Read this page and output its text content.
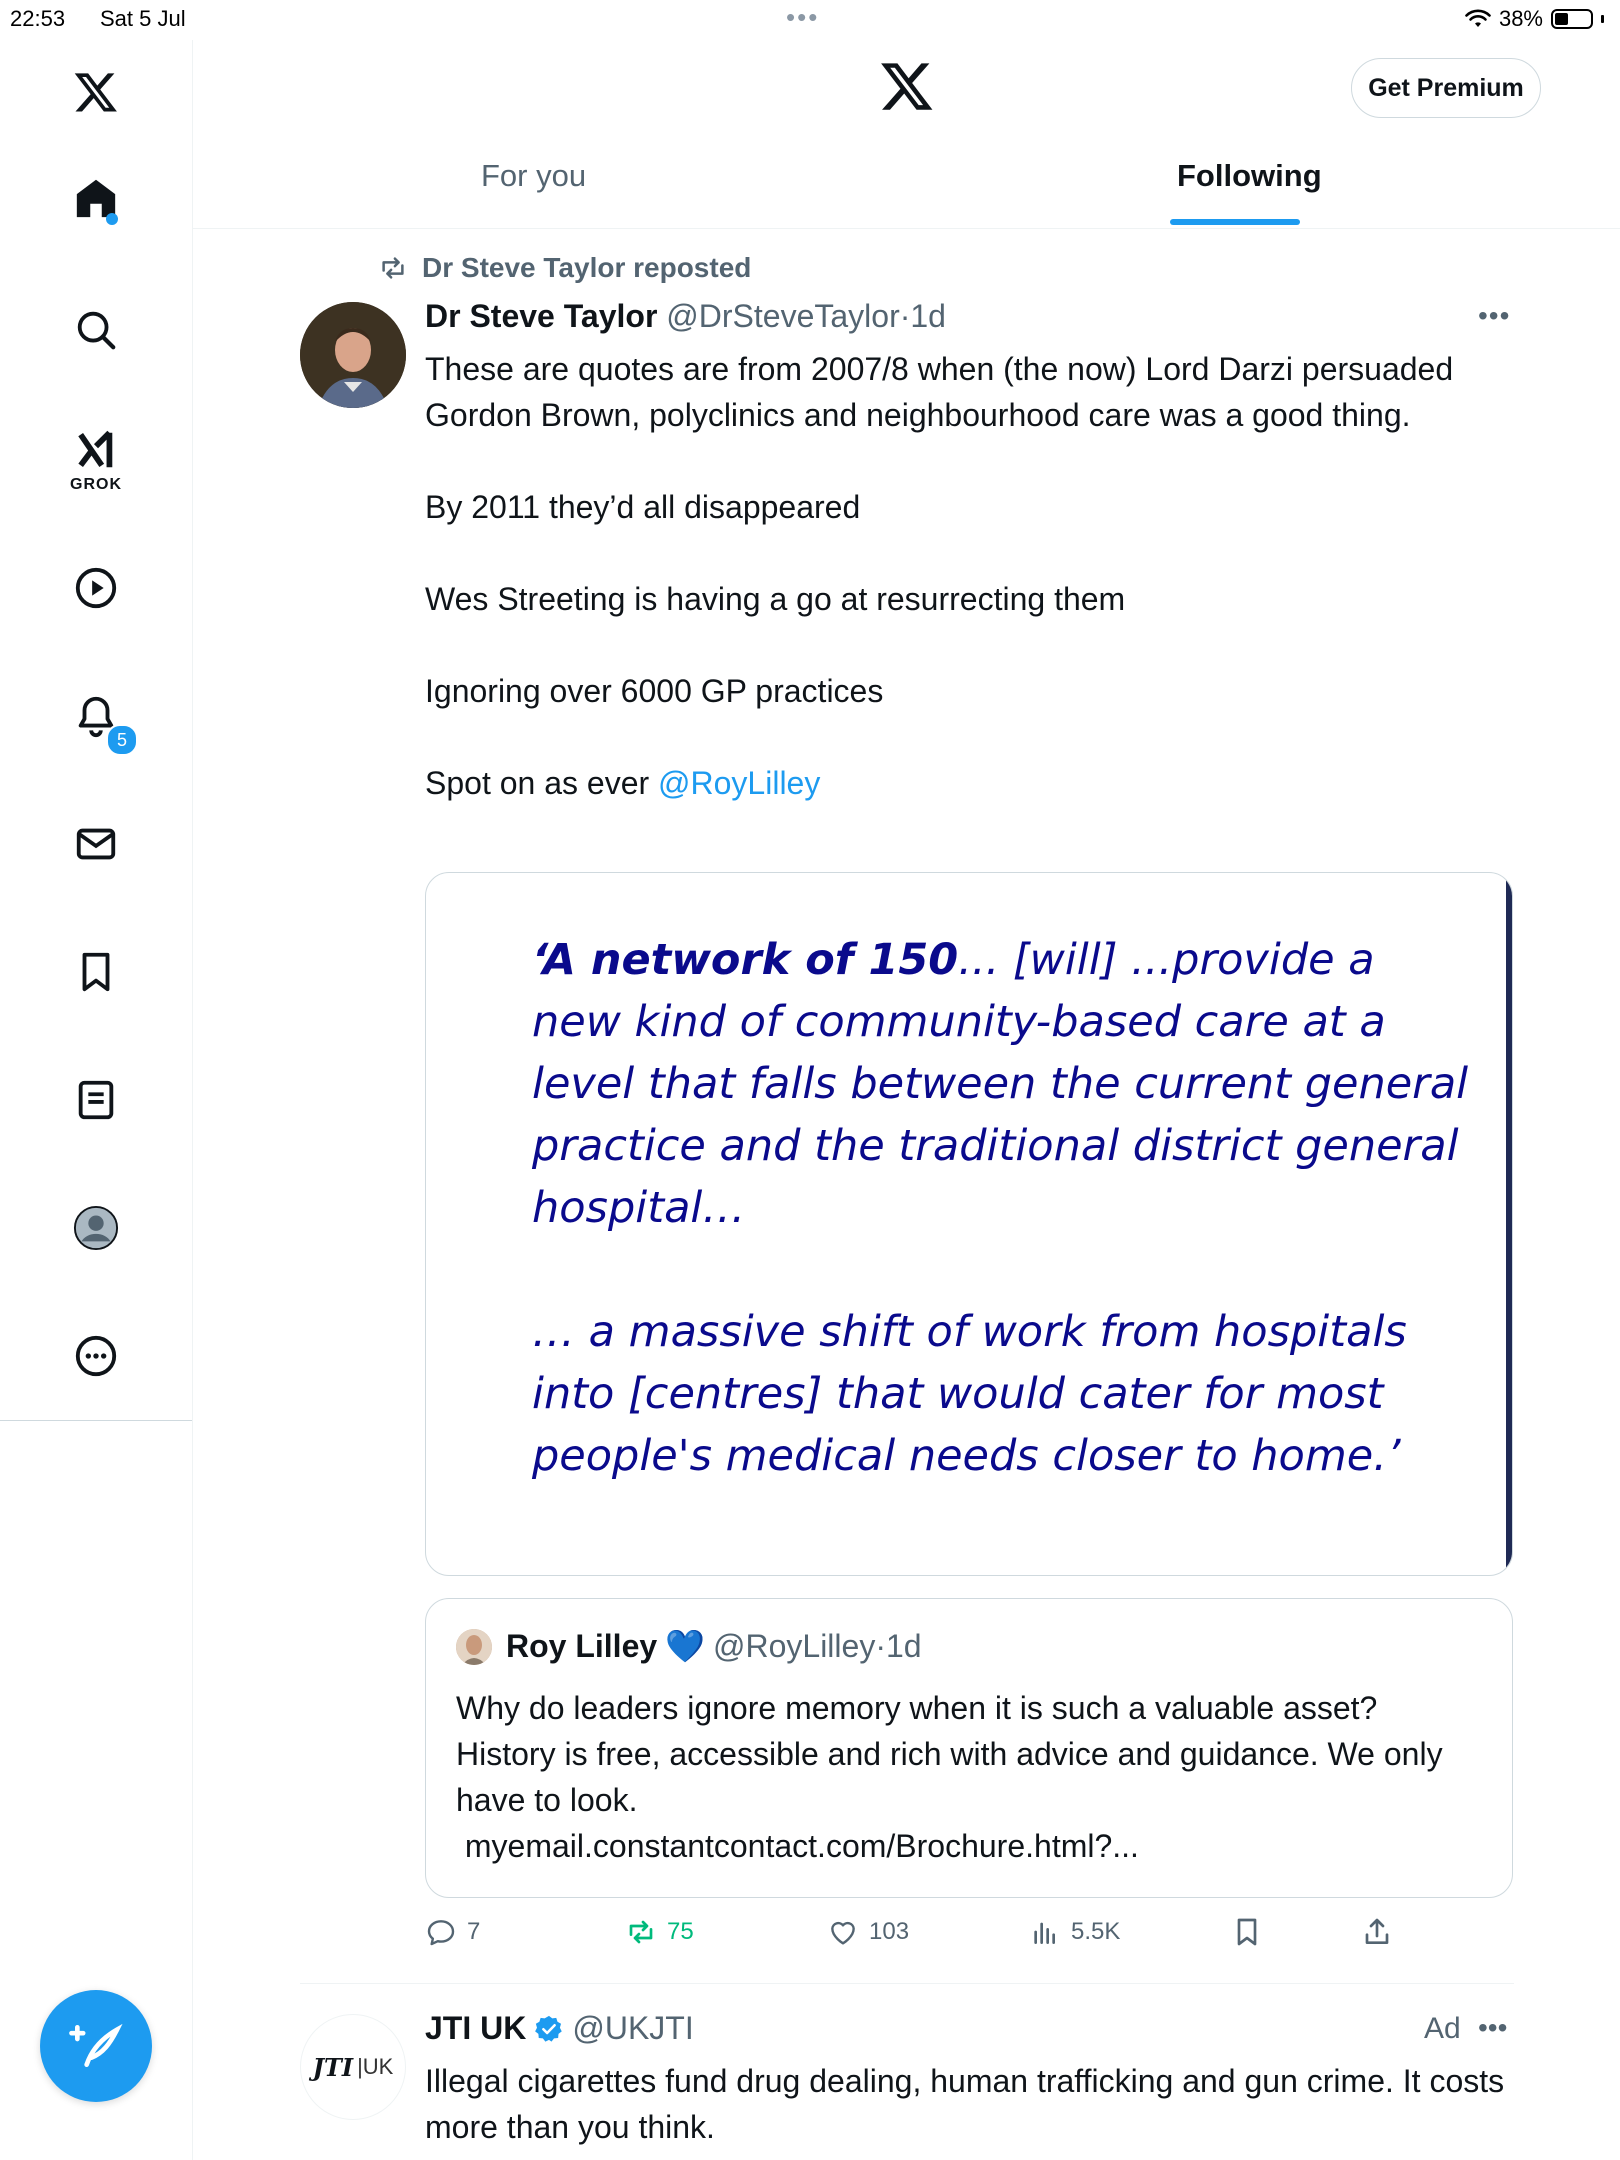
22:53 Sat 5 Jul	•••	38%
GROK
5
Get Premium
For you	Following
Dr Steve Taylor reposted
Dr Steve Taylor @DrSteveTaylor·1d	•••

These are quotes are from 2007/8 when (the now) Lord Darzi persuaded Gordon Brown, polyclinics and neighbourhood care was a good thing.

By 2011 they’d all disappeared

Wes Streeting is having a go at resurrecting them

Ignoring over 6000 GP practices

Spot on as ever @RoyLilley

‘A network of 150... [will] ...provide a new kind of community-based care at a level that falls between the current general practice and the traditional district general hospital…

… a massive shift of work from hospitals into [centres] that would cater for most people's medical needs closer to home.’

Roy Lilley 💙 @RoyLilley·1d

Why do leaders ignore memory when it is such a valuable asset? History is free, accessible and rich with advice and guidance. We only have to look.

myemail.constantcontact.com/Brochure.html?...

7	75	103	5.5K
JTI |UK
JTI UK @UKJTI	Ad •••
Illegal cigarettes fund drug dealing, human trafficking and gun crime. It costs more than you think.
